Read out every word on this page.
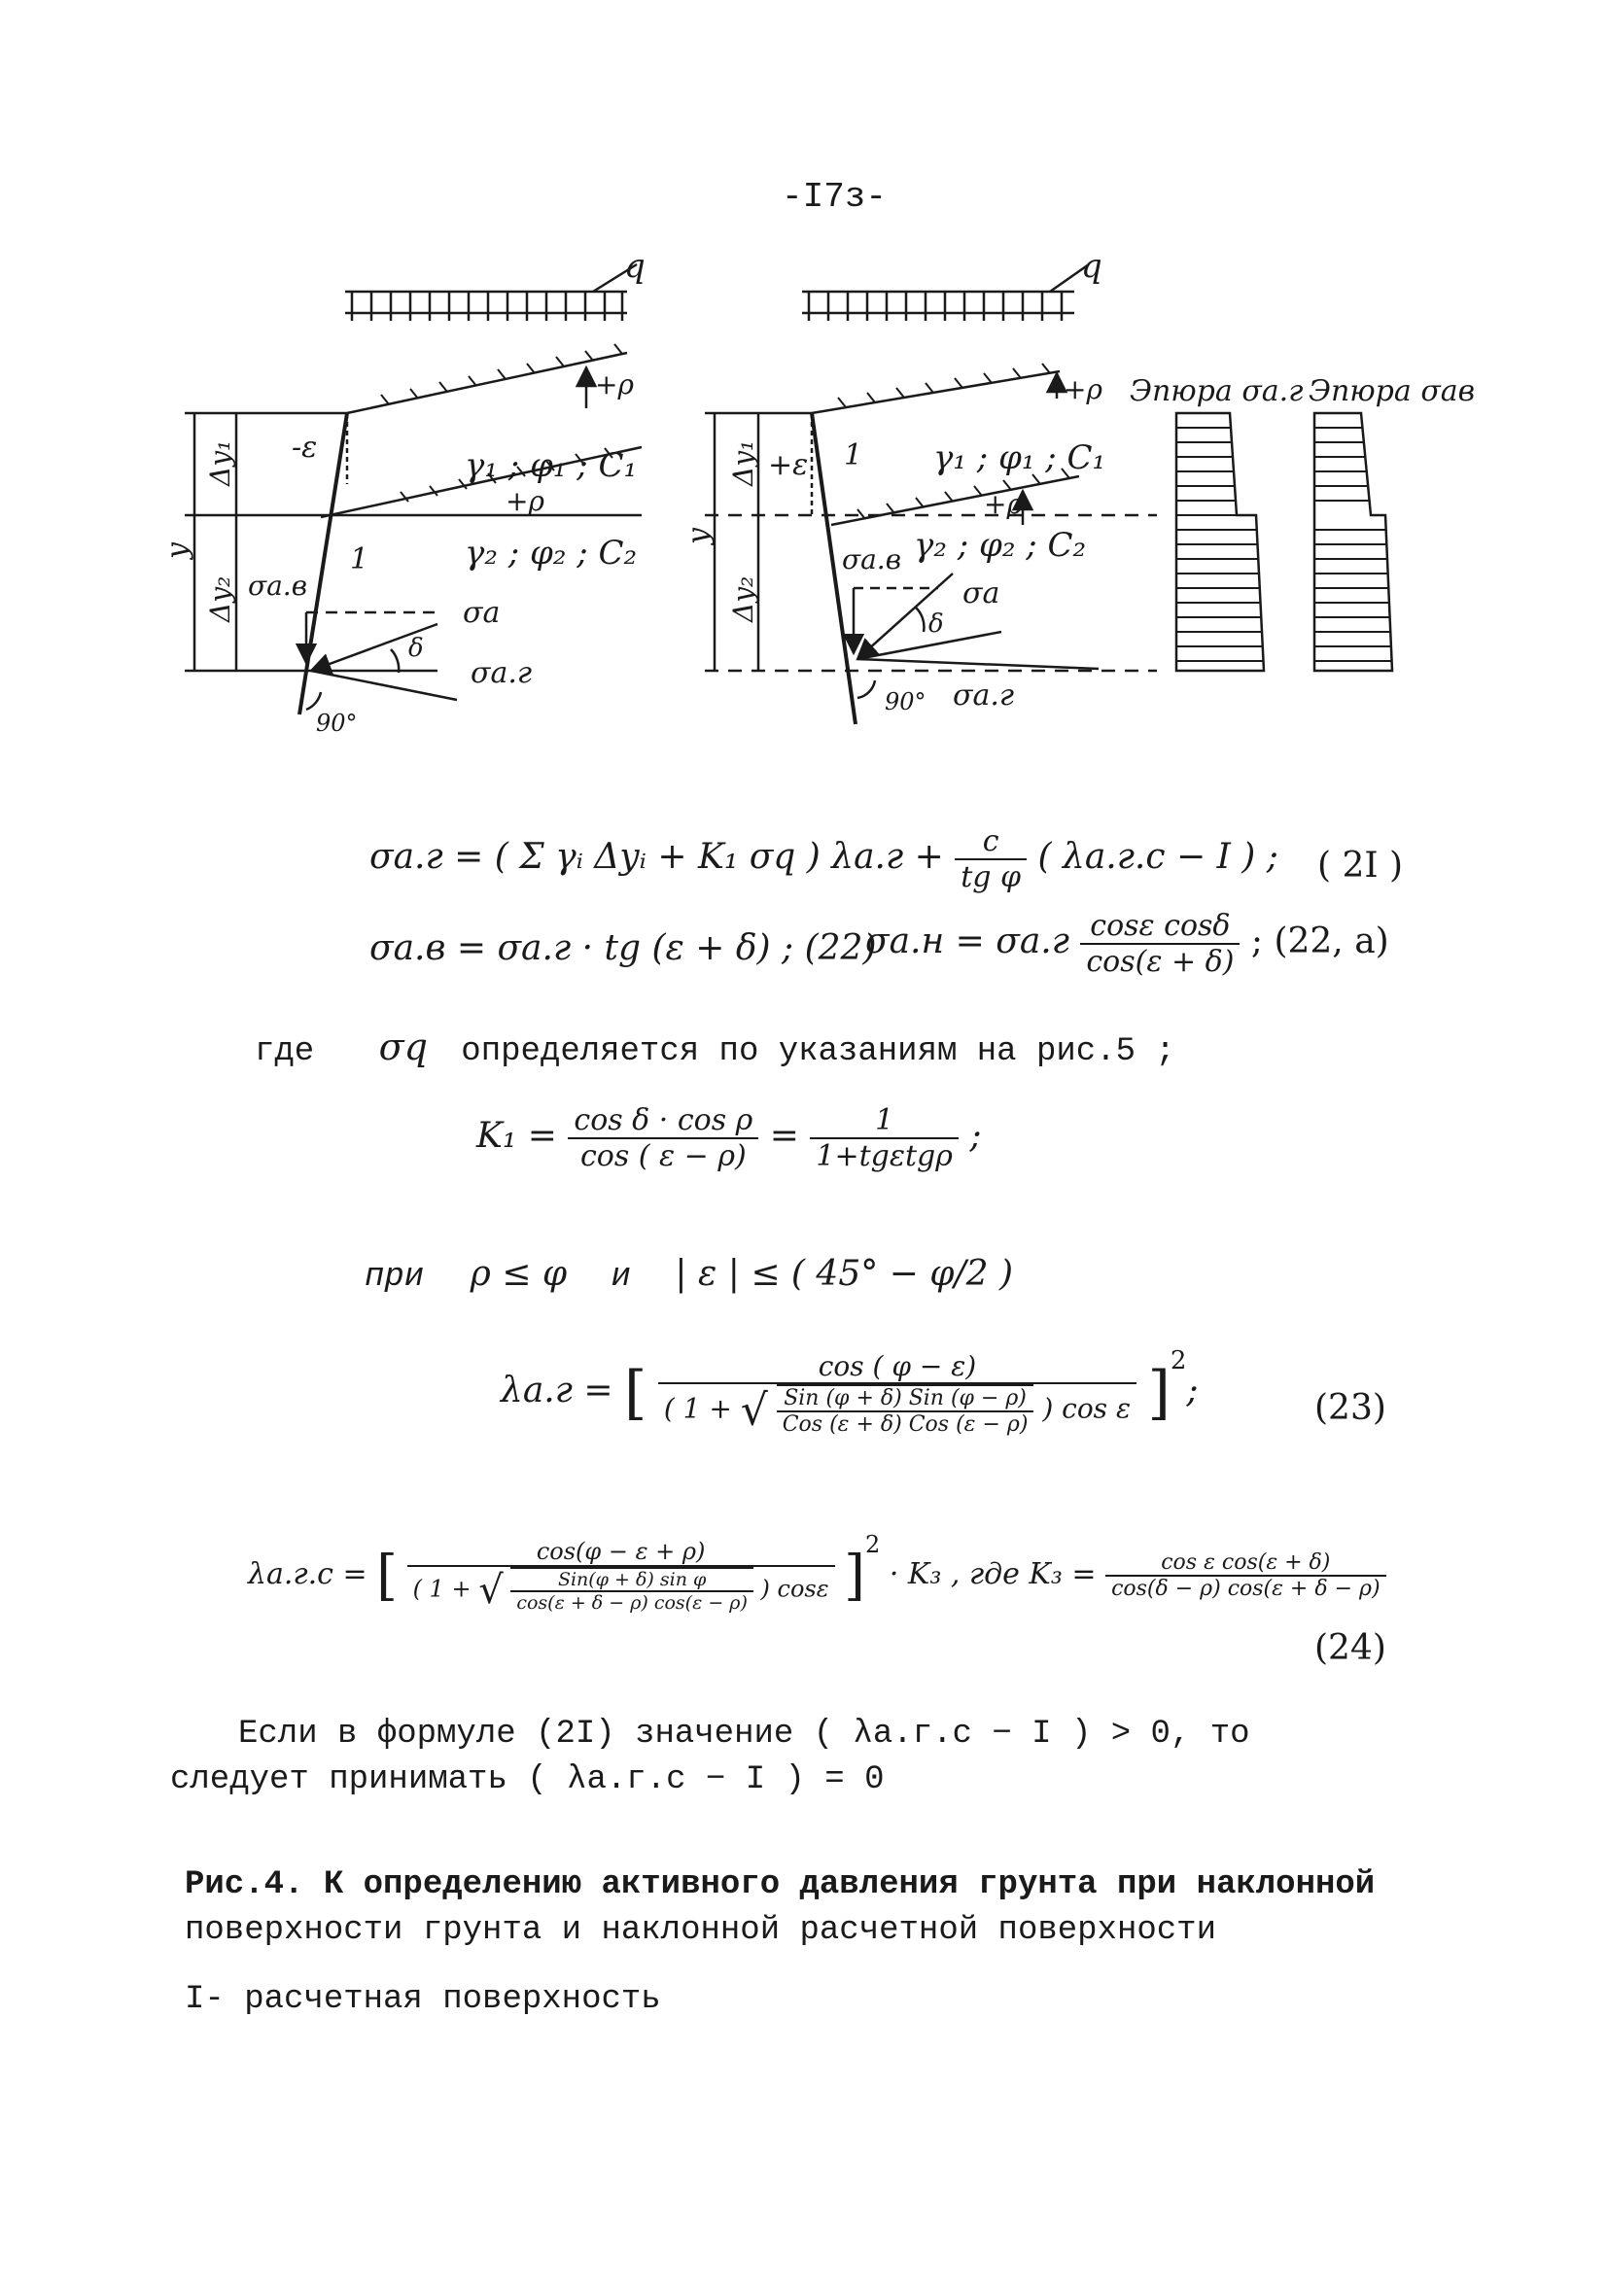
-I7з-
q
+ρ
-ε	γ₁ ; φ₁ ; C₁
+ρ
γ₂ ; φ₂ ; C₂
Δy₁
Δy₂
y	1
σa.в
σa
δ
σa.г
90°
q
+ρ
+ε 1 γ₁ ; φ₁ ; C₁
+ρ
γ₂ ; φ₂ ; C₂
Δy₁
Δy₂
y
σa.в
σa
δ
90° σa.г
Эпюра σa.г Эпюра σaв
σa.г = ( Σ γᵢ Δyᵢ + K₁ σq ) $\lambda a.г + \frac{c}{\text{tg φ}}$ ( λa.г.c − I ) ; ( 2I )
σa.в = σa.г · tg (ε + δ) ; (22)
$\sigma a.н = \sigma a.г \frac{\text{cosε cosδ}}{\cos(\varepsilon + \delta)}$ ; (22, a)
где σq определяется по указаниям на рис.5 ;
$K_1 = \frac{\text{cos δ · cos ρ}}{\cos ( \varepsilon - \rho)} = \frac{1}{\text{1+tgεtgρ}}$ ;
при ρ ≤ φ и | ε | ≤ ( 45° − φ/2 )
λa.г = [	cos ( φ − ε)
( 1 + √ $\frac{\text{Sin (φ + δ) Sin (φ − ρ)}}{\text{Cos (ε + δ) Cos (ε − ρ)}}$ ) cos ε ]$^2$;	(23)
λa.г.c = [	cos(φ − ε + ρ)
( 1 + √ $\frac{\text{Sin(φ + δ) sin φ}}{\cos(\varepsilon + \delta - \rho) \cos(\varepsilon - \rho)}$ ) cosε ]$^2$ · K₃ , где $K_3 = \frac{\text{cos ε cos(ε + δ)}}{\cos(\delta - \rho) \cos(\varepsilon + \delta - \rho)}$
(24)
Если в формуле (2I) значение ( λa.г.c − I ) > 0, то
следует принимать ( λa.г.c − I ) = 0
Рис.4. К определению активного давления грунта при наклонной
поверхности грунта и наклонной расчетной поверхности
I- расчетная поверхность
